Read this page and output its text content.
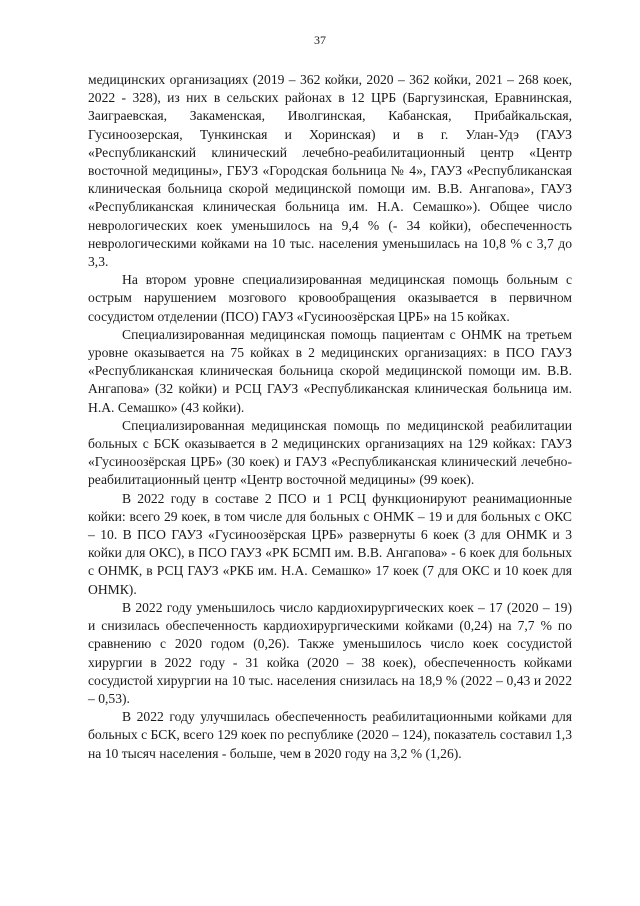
37

медицинских организациях (2019 – 362 койки, 2020 – 362 койки, 2021 – 268 коек, 2022 - 328), из них в сельских районах в 12 ЦРБ (Баргузинская, Еравнинская, Заиграевская, Закаменская, Иволгинская, Кабанская, Прибайкальская, Гусиноозерская, Тункинская и Хоринская) и в г. Улан-Удэ (ГАУЗ «Республиканский клинический лечебно-реабилитационный центр «Центр восточной медицины», ГБУЗ «Городская больница № 4», ГАУЗ «Республиканская клиническая больница скорой медицинской помощи им. В.В. Ангапова», ГАУЗ «Республиканская клиническая больница им. Н.А. Семашко»). Общее число неврологических коек уменьшилось на 9,4 % (- 34 койки), обеспеченность неврологическими койками на 10 тыс. населения уменьшилась на 10,8 % с 3,7 до 3,3.

На втором уровне специализированная медицинская помощь больным с острым нарушением мозгового кровообращения оказывается в первичном сосудистом отделении (ПСО) ГАУЗ «Гусиноозёрская ЦРБ» на 15 койках.

Специализированная медицинская помощь пациентам с ОНМК на третьем уровне оказывается на 75 койках в 2 медицинских организациях: в ПСО ГАУЗ «Республиканская клиническая больница скорой медицинской помощи им. В.В. Ангапова» (32 койки) и РСЦ ГАУЗ «Республиканская клиническая больница им. Н.А. Семашко» (43 койки).

Специализированная медицинская помощь по медицинской реабилитации больных с БСК оказывается в 2 медицинских организациях на 129 койках: ГАУЗ «Гусиноозёрская ЦРБ» (30 коек) и ГАУЗ «Республиканская клинический лечебно-реабилитационный центр «Центр восточной медицины» (99 коек).

В 2022 году в составе 2 ПСО и 1 РСЦ функционируют реанимационные койки: всего 29 коек, в том числе для больных с ОНМК – 19 и для больных с ОКС – 10. В ПСО ГАУЗ «Гусиноозёрская ЦРБ» развернуты 6 коек (3 для ОНМК и 3 койки для ОКС), в ПСО ГАУЗ «РК БСМП им. В.В. Ангапова» - 6 коек для больных с ОНМК, в РСЦ ГАУЗ «РКБ им. Н.А. Семашко» 17 коек (7 для ОКС и 10 коек для ОНМК).

В 2022 году уменьшилось число кардиохирургических коек – 17 (2020 – 19) и снизилась обеспеченность кардиохирургическими койками (0,24) на 7,7 % по сравнению с 2020 годом (0,26). Также уменьшилось число коек сосудистой хирургии в 2022 году - 31 койка (2020 – 38 коек), обеспеченность койками сосудистой хирургии на 10 тыс. населения снизилась на 18,9 % (2022 – 0,43 и 2022 – 0,53).

В 2022 году улучшилась обеспеченность реабилитационными койками для больных с БСК, всего 129 коек по республике (2020 – 124), показатель составил 1,3 на 10 тысяч населения - больше, чем в 2020 году на 3,2 % (1,26).
